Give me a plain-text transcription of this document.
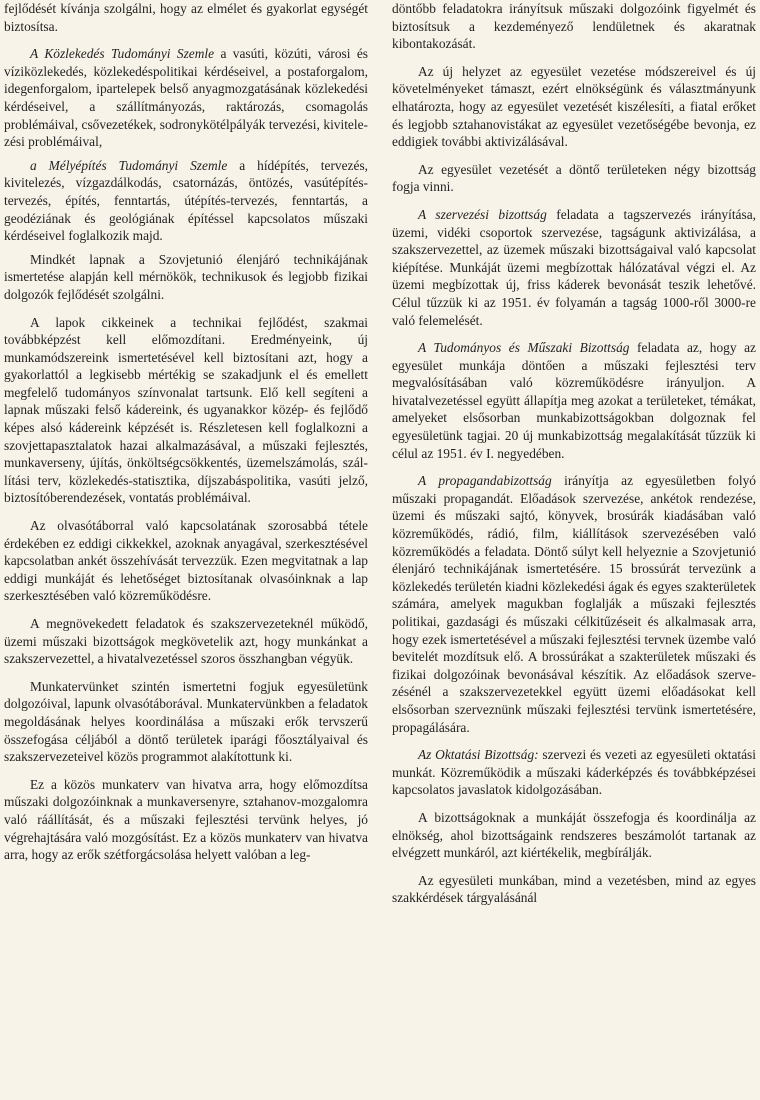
fejlődését kívánja szolgálni, hogy az elmélet és gyakorlat egységét biztosítsa.

A Közlekedés Tudományi Szemle a vasúti, közúti, városi és víziközlekedés, közlekedéspolitikai kérdéseivel, a postaforgalom, idegenforgalom, ipartelepek belső anyagmozgatásának közlekedési kérdéseivel, a szállítmányozás, raktározás, csomagolás problémáival, csővezetékek, sodronykötélpályák tervezési, kivitelezési problémáival,

a Mélyépítés Tudományi Szemle a hídépítés, tervezés, kivitelezés, vízgazdálkodás, csatornázás, öntözés, vasútépítés-tervezés, építés, fenntartás, útépítés-tervezés, fenntartás, a geodéziának és geológiának építéssel kapcsolatos műszaki kérdéseivel foglalkozik majd.

Mindkét lapnak a Szovjetunió élenjáró technikájának ismertetése alapján kell mérnökök, technikusok és legjobb fizikai dolgozók fejlődését szolgálni.

A lapok cikkeinek a technikai fejlődést, szakmai továbbképzést kell előmozdítani. Eredményeink, új munkamódszereink ismertetésével kell biztosítani azt, hogy a gyakorlattól a legkisebb mértékig se szakadjunk el és emellett megfelelő tudományos színvonalat tartsunk. Elő kell segíteni a lapnak műszaki felső kádereink, és ugyanakkor közép- és fejlődő képes alsó kádereink képzését is. Részletesen kell foglalkozni a szovjettapasztalatok hazai alkalmazásával, a műszaki fejlesztés, munkaverseny, újítás, önköltségcsökkentés, üzemelszámolás, szállítási terv, közlekedés-statisztika, díjszabáspolitika, vasúti jelző, biztosítóberendezések, vontatás problémáival.

Az olvasótáborral való kapcsolatának szorosabbá tétele érdekében ez eddigi cikkekkel, azoknak anyagával, szerkesztésével kapcsolatban ankét összehívását tervezzük. Ezen megvitatnak a lap eddigi munkáját és lehetőséget biztosítanak olvasóinknak a lap szerkesztésében való közreműködésre.

A megnövekedett feladatok és szakszervezeteknél működő, üzemi műszaki bizottságok megkövetelik azt, hogy munkánkat a szakszervezettel, a hivatalvezetéssel szoros összhangban végyük.

Munkatervünket szintén ismertetni fogjuk egyesületünk dolgozóival, lapunk olvasótáborával. Munkatervünkben a feladatok megoldásának helyes koordinálása a műszaki erők tervszerű összefogása céljából a döntő területek iparági főosztályaival és szakszervezeteivel közös programmot alakítottunk ki.

Ez a közös munkaterv van hivatva arra, hogy előmozdítsa műszaki dolgozóinknak a munkaversenyre, sztahanov-mozgalomra való ráállítását, és a műszaki fejlesztési tervünk helyes, jó végrehajtására való mozgósítást. Ez a közös munkaterv van hivatva arra, hogy az erők szétforgácsolása helyett valóban a leg-

döntőbb feladatokra irányítsuk műszaki dolgozóink figyelmét és biztosítsuk a kezdeményező lendületnek és akaratnak kibontakozását.

Az új helyzet az egyesület vezetése módszereivel és új követelményeket támaszt, ezért elnökségünk és választmányunk elhatározta, hogy az egyesület vezetését kiszélesíti, a fiatal erőket és legjobb sztahanovistákat az egyesület vezetőségébe bevonja, ez eddigiek további aktivizálásával.

Az egyesület vezetését a döntő területeken négy bizottság fogja vinni.

A szervezési bizottság feladata a tagszervezés irányítása, üzemi, vidéki csoportok szervezése, tagságunk aktivizálása, a szakszervezettel, az üzemek műszaki bizottságaival való kapcsolat kiépítése. Munkáját üzemi megbízottak hálózatával végzi el. Az üzemi megbízottak új, friss káderek bevonását teszik lehetővé. Célul tűzzük ki az 1951. év folyamán a tagság 1000-ről 3000-re való felemelését.

A Tudományos és Műszaki Bizottság feladata az, hogy az egyesület munkája döntően a műszaki fejlesztési terv megvalósításában való közreműködésre irányuljon. A hivatalvezetéssel együtt állapítja meg azokat a területeket, témákat, amelyeket elsősorban munkabizottságokban dolgoznak fel egyesületünk tagjai. 20 új munkabizottság megalakítását tűzzük ki célul az 1951. év I. negyedében.

A propagandabizottság irányítja az egyesületben folyó műszaki propagandát. Előadások szervezése, ankétok rendezése, üzemi és műszaki sajtó, könyvek, brosúrák kiadásában való közreműködés, rádió, film, kiállítások szervezésében való közreműködés a feladata. Döntő súlyt kell helyeznie a Szovjetunió élenjáró technikájának ismertetésére. 15 brossúrát tervezünk a közlekedés területén kiadni közlekedési ágak és egyes szakterületek számára, amelyek magukban foglalják a műszaki fejlesztés politikai, gazdasági és műszaki célkitűzéseit és alkalmasak arra, hogy ezek ismertetésével a műszaki fejlesztési tervnek üzembe való bevitelét mozdítsuk elő. A brossúrákat a szakterületek műszaki és fizikai dolgozóinak bevonásával készítik. Az előadások szervezésénél a szakszervezetekkel együtt üzemi előadásokat kell elsősorban szerveznünk műszaki fejlesztési tervünk ismertetésére, propagálására.

Az Oktatási Bizottság: szervezi és vezeti az egyesületi oktatási munkát. Közreműködik a műszaki káderképzés és továbbképzései kapcsolatos javaslatok kidolgozásában.

A bizottságoknak a munkáját összefogja és koordinálja az elnökség, ahol bizottságaink rendszeres beszámolót tartanak az elvégzett munkáról, azt kiértékelik, megbírálják.

Az egyesületi munkában, mind a vezetésben, mind az egyes szakkérdések tárgyalásánál
